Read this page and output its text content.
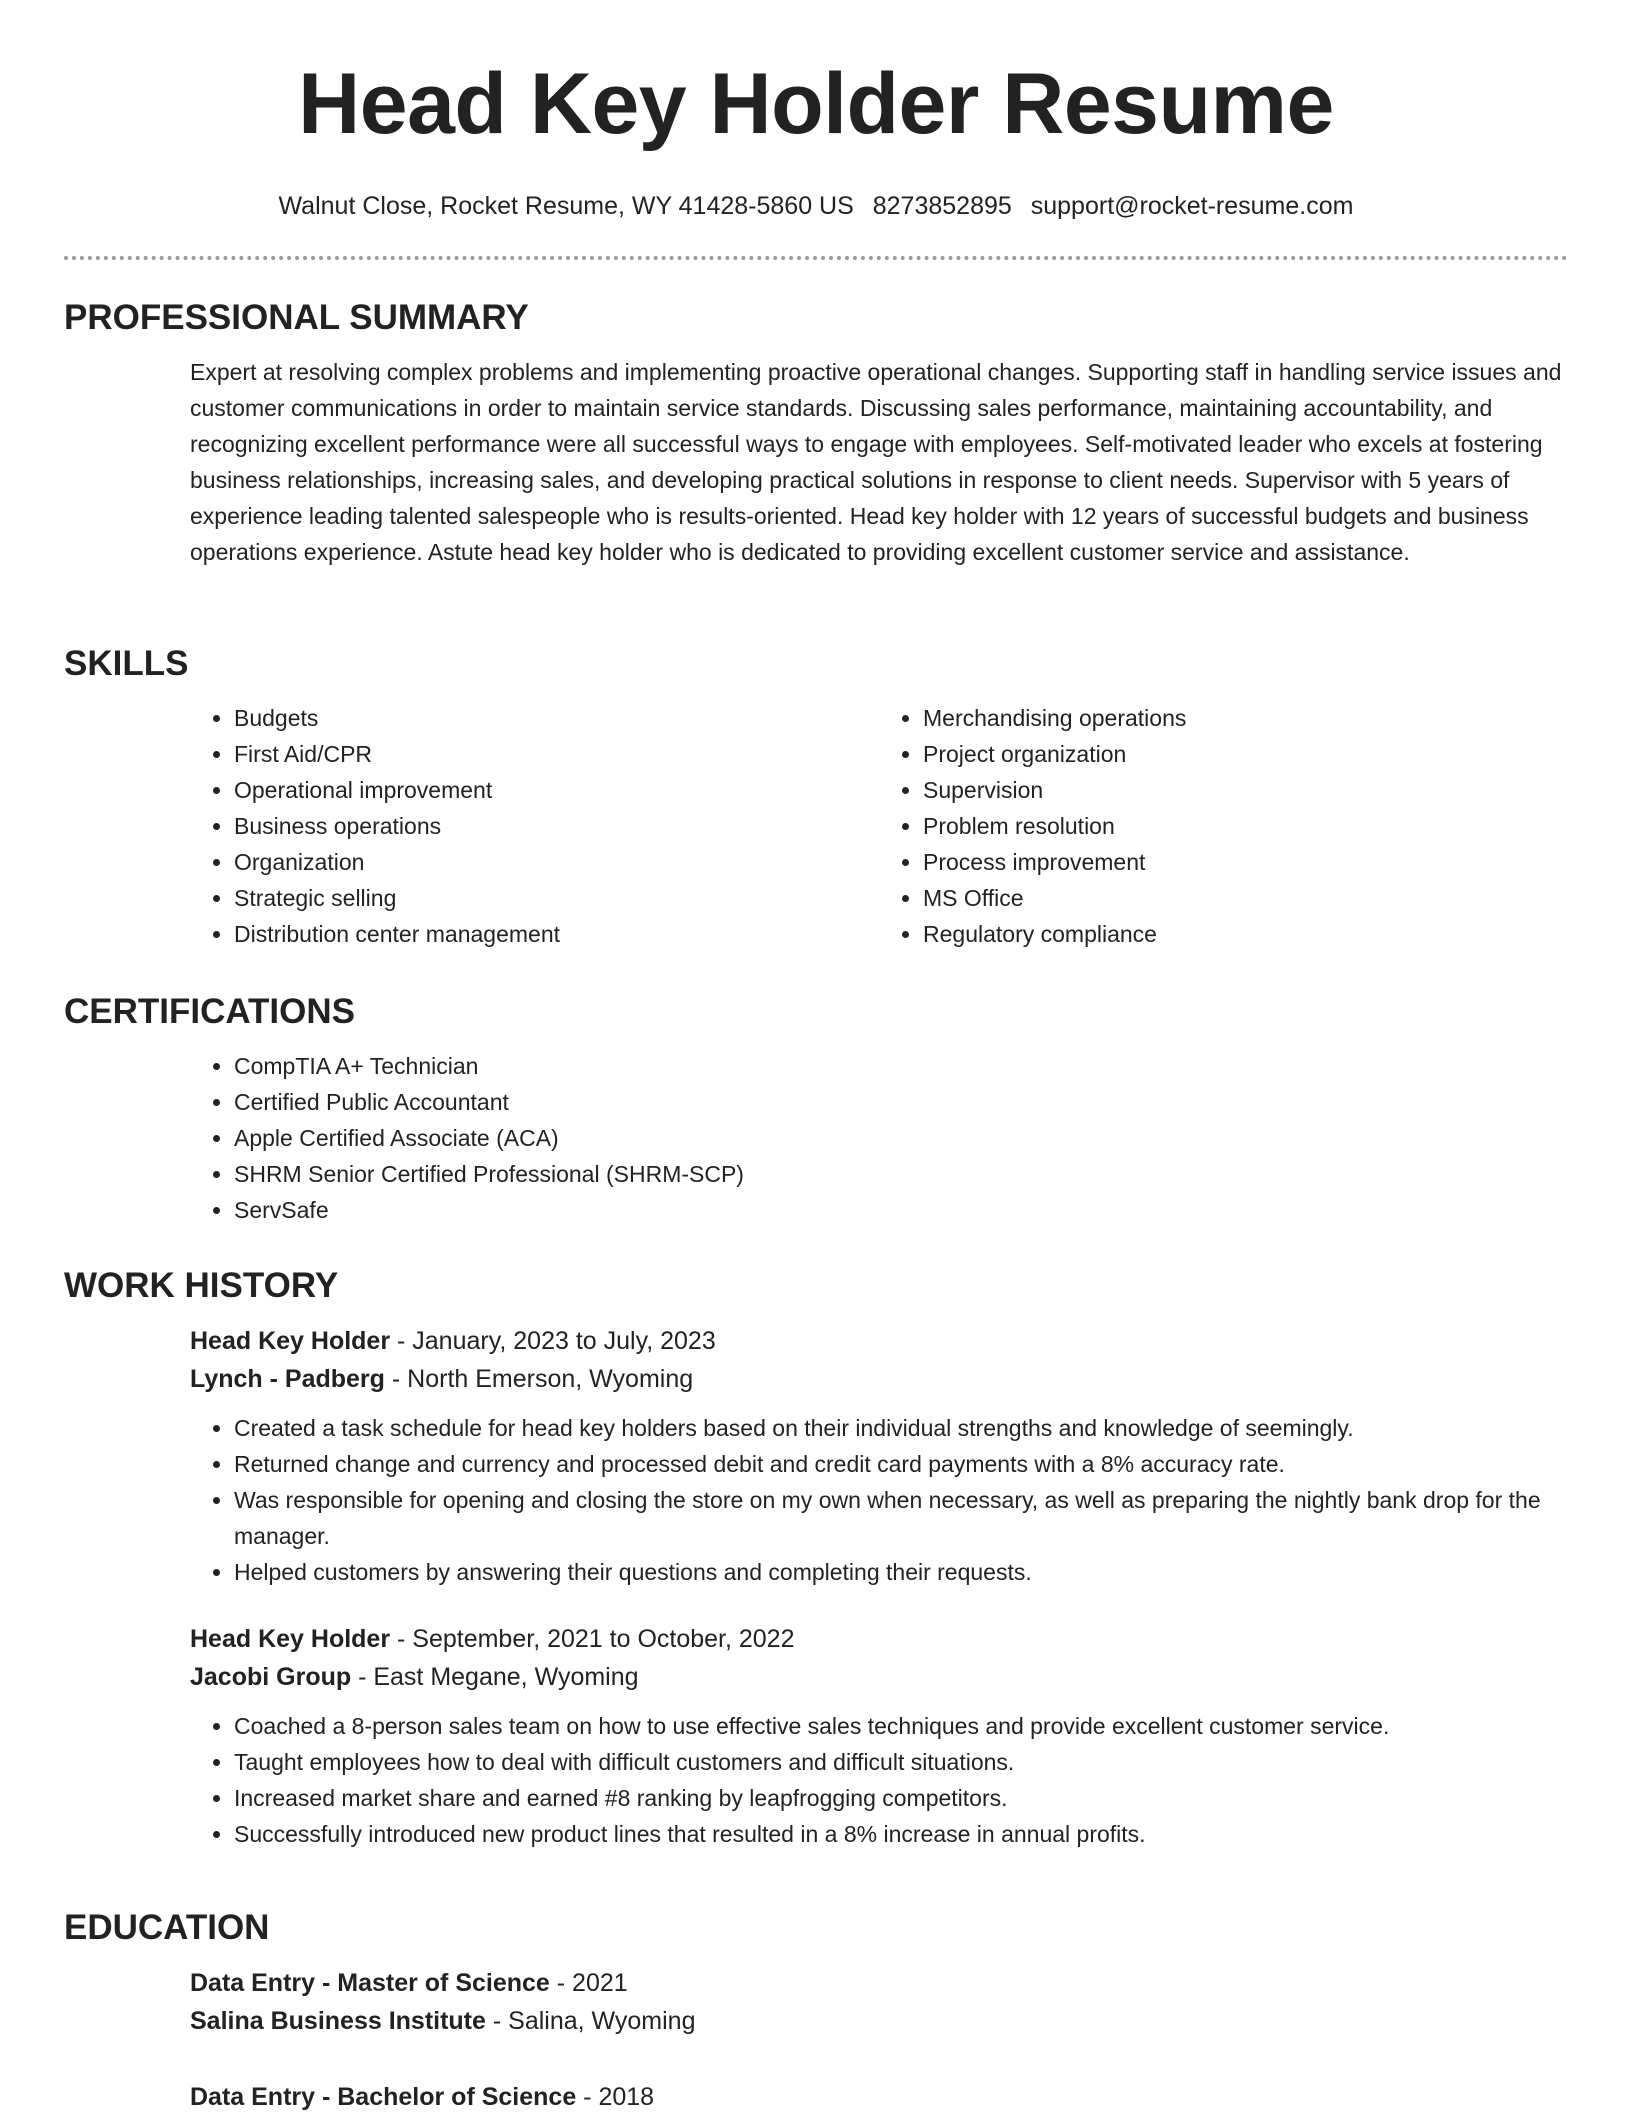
Head Key Holder Resume
Walnut Close, Rocket Resume, WY 41428-5860 US 8273852895 support@rocket-resume.com
PROFESSIONAL SUMMARY

Expert at resolving complex problems and implementing proactive operational changes. Supporting staff in handling service issues and customer communications in order to maintain service standards. Discussing sales performance, maintaining accountability, and recognizing excellent performance were all successful ways to engage with employees. Self-motivated leader who excels at fostering business relationships, increasing sales, and developing practical solutions in response to client needs. Supervisor with 5 years of experience leading talented salespeople who is results-oriented. Head key holder with 12 years of successful budgets and business operations experience. Astute head key holder who is dedicated to providing excellent customer service and assistance.

SKILLS
• Budgets
• First Aid/CPR
• Operational improvement
• Business operations
• Organization
• Strategic selling
• Distribution center management
• Merchandising operations
• Project organization
• Supervision
• Problem resolution
• Process improvement
• MS Office
• Regulatory compliance
CERTIFICATIONS
• CompTIA A+ Technician
• Certified Public Accountant
• Apple Certified Associate (ACA)
• SHRM Senior Certified Professional (SHRM-SCP)
• ServSafe
WORK HISTORY
Head Key Holder - January, 2023 to July, 2023
Lynch - Padberg - North Emerson, Wyoming
• Created a task schedule for head key holders based on their individual strengths and knowledge of seemingly.
• Returned change and currency and processed debit and credit card payments with a 8% accuracy rate.
• Was responsible for opening and closing the store on my own when necessary, as well as preparing the nightly bank drop for the manager.
• Helped customers by answering their questions and completing their requests.
Head Key Holder - September, 2021 to October, 2022
Jacobi Group - East Megane, Wyoming
• Coached a 8-person sales team on how to use effective sales techniques and provide excellent customer service.
• Taught employees how to deal with difficult customers and difficult situations.
• Increased market share and earned #8 ranking by leapfrogging competitors.
• Successfully introduced new product lines that resulted in a 8% increase in annual profits.
EDUCATION
Data Entry - Master of Science - 2021
Salina Business Institute - Salina, Wyoming
Data Entry - Bachelor of Science - 2018
